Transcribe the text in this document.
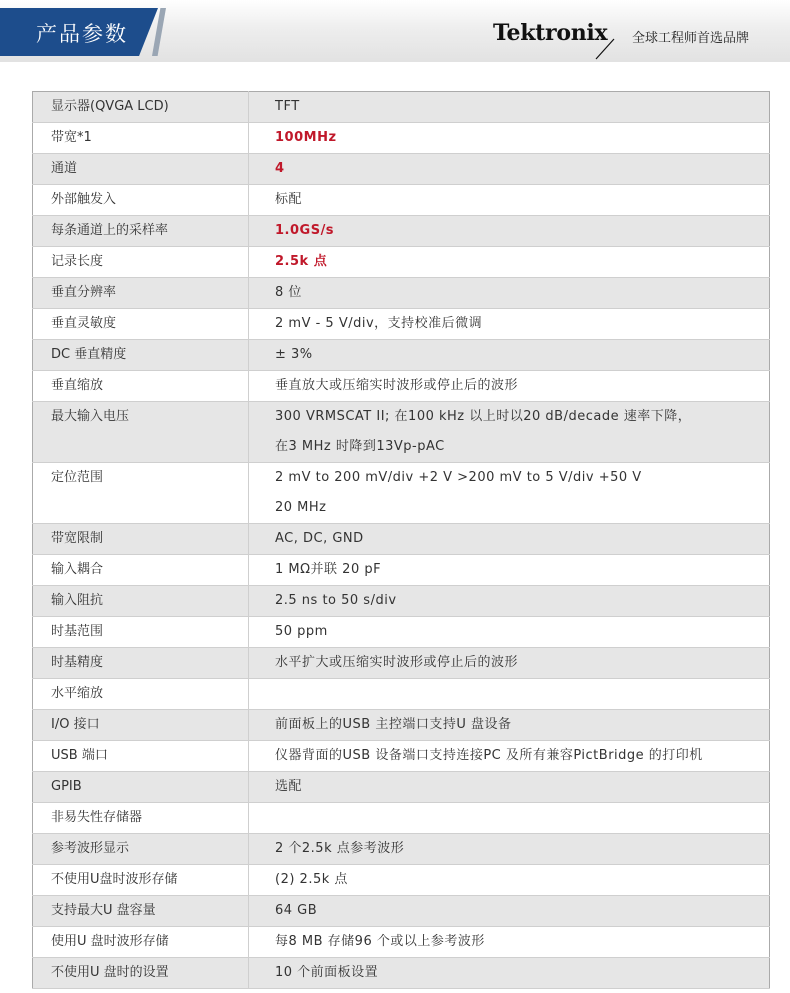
产品参数	Tektronix 全球工程师首选品牌
显示器(QVGA LCD)	TFT

带宽*1	100MHz

通道	4

外部触发入	标配

每条通道上的采样率	1.0GS/s

记录长度	2.5k 点

垂直分辨率	8 位

垂直灵敏度	2 mV - 5 V/div，支持校准后微调

DC 垂直精度	± 3%

垂直缩放	垂直放大或压缩实时波形或停止后的波形

最大输入电压	300 VRMSCAT II; 在100 kHz 以上时以20 dB/decade 速率下降，
在3 MHz 时降到13Vp-pAC

定位范围	2 mV to 200 mV/div +2 V >200 mV to 5 V/div +50 V
20 MHz

带宽限制	AC, DC, GND

输入耦合	1 MΩ并联 20 pF

输入阻抗	2.5 ns to 50 s/div

时基范围	50 ppm

时基精度	水平扩大或压缩实时波形或停止后的波形

水平缩放	

I/O 接口	前面板上的USB 主控端口支持U 盘设备

USB 端口	仪器背面的USB 设备端口支持连接PC 及所有兼容PictBridge 的打印机

GPIB	选配

非易失性存储器	

参考波形显示	2 个2.5k 点参考波形

不使用U盘时波形存储	(2) 2.5k 点

支持最大U 盘容量	64 GB

使用U 盘时波形存储	每8 MB 存储96 个或以上参考波形

不使用U 盘时的设置	10 个前面板设置
